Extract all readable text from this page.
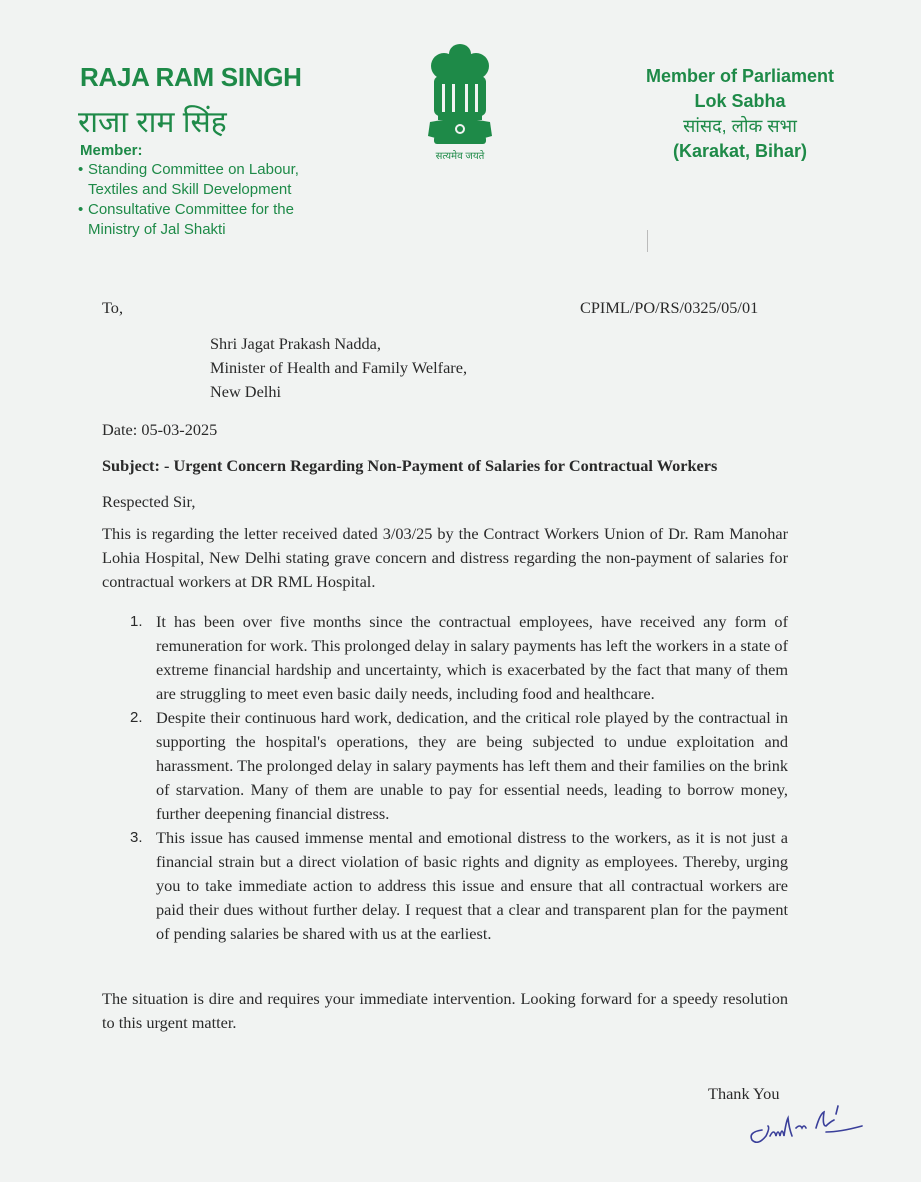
RAJA RAM SINGH
राजा राम सिंह
Member:
• Standing Committee on Labour,
Textiles and Skill Development
• Consultative Committee for the
Ministry of Jal Shakti
सत्यमेव जयते
Member of Parliament
Lok Sabha
सांसद, लोक सभा
(Karakat, Bihar)
To,	CPIML/PO/RS/0325/05/01
Shri Jagat Prakash Nadda,
Minister of Health and Family Welfare,
New Delhi
Date: 05-03-2025
Subject: - Urgent Concern Regarding Non-Payment of Salaries for Contractual Workers
Respected Sir,

This is regarding the letter received dated 3/03/25 by the Contract Workers Union of Dr. Ram Manohar Lohia Hospital, New Delhi stating grave concern and distress regarding the non-payment of salaries for contractual workers at DR RML Hospital.

1. It has been over five months since the contractual employees, have received any form of remuneration for work. This prolonged delay in salary payments has left the workers in a state of extreme financial hardship and uncertainty, which is exacerbated by the fact that many of them are struggling to meet even basic daily needs, including food and healthcare.
2. Despite their continuous hard work, dedication, and the critical role played by the contractual in supporting the hospital's operations, they are being subjected to undue exploitation and harassment. The prolonged delay in salary payments has left them and their families on the brink of starvation. Many of them are unable to pay for essential needs, leading to borrow money, further deepening financial distress.
3. This issue has caused immense mental and emotional distress to the workers, as it is not just a financial strain but a direct violation of basic rights and dignity as employees. Thereby, urging you to take immediate action to address this issue and ensure that all contractual workers are paid their dues without further delay. I request that a clear and transparent plan for the payment of pending salaries be shared with us at the earliest.

The situation is dire and requires your immediate intervention. Looking forward for a speedy resolution to this urgent matter.

Thank You
